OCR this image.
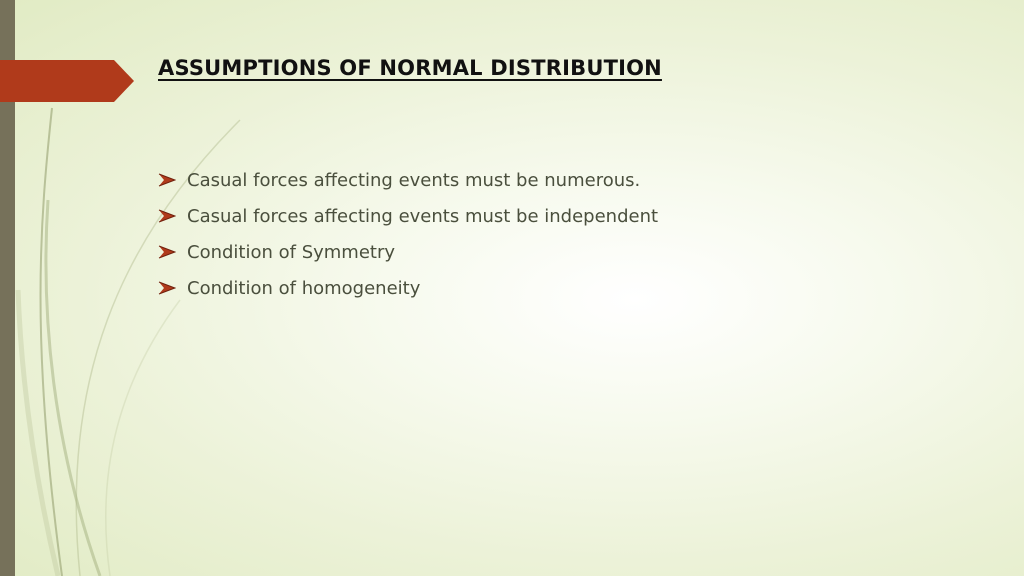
ASSUMPTIONS OF NORMAL DISTRIBUTION
Casual forces affecting events must be numerous.
Casual forces affecting events must be independent
Condition of Symmetry
Condition of homogeneity
